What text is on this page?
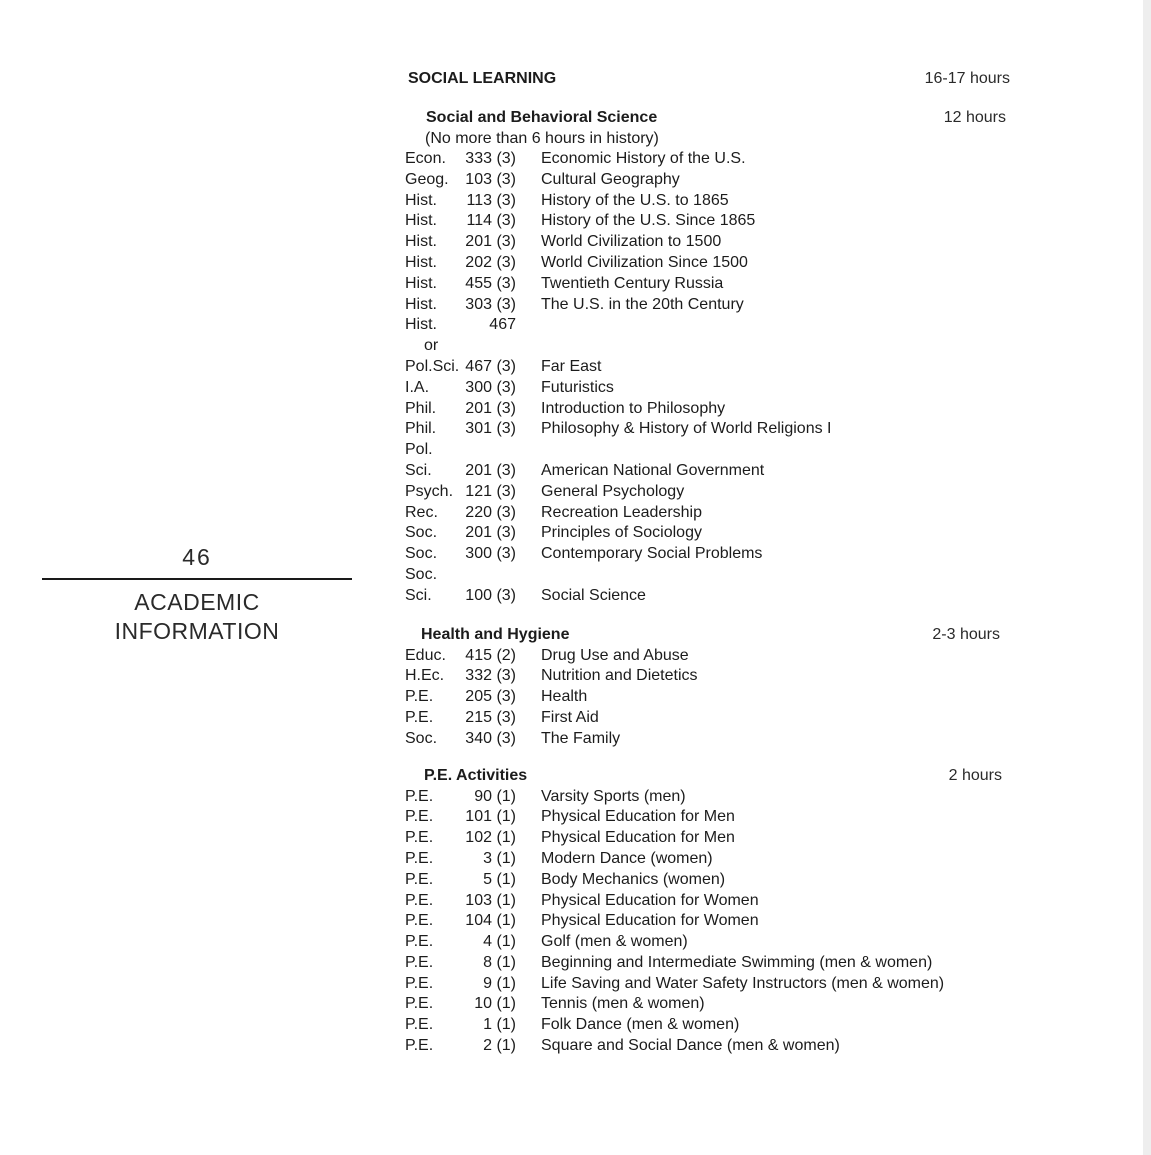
46
ACADEMIC
INFORMATION
SOCIAL LEARNING	16-17 hours
Social and Behavioral Science	12 hours
(No more than 6 hours in history)
Econ.	333 (3) Economic History of the U.S.
Geog.	103 (3) Cultural Geography
Hist.	113 (3) History of the U.S. to 1865
Hist.	114 (3) History of the U.S. Since 1865
Hist.	201 (3) World Civilization to 1500
Hist.	202 (3) World Civilization Since 1500
Hist.	455 (3) Twentieth Century Russia
Hist.	303 (3) The U.S. in the 20th Century
Hist.	467
or
Pol.Sci. 467 (3) Far East
I.A.	300 (3) Futuristics
Phil.	201 (3) Introduction to Philosophy
Phil.	301 (3) Philosophy & History of World Religions I
Pol.
Sci.	201 (3) American National Government
Psych. 121 (3) General Psychology
Rec.	220 (3) Recreation Leadership
Soc.	201 (3) Principles of Sociology
Soc.	300 (3) Contemporary Social Problems
Soc.
Sci.	100 (3) Social Science
Health and Hygiene	2-3 hours
Educ.	415 (2) Drug Use and Abuse
H.Ec.	332 (3) Nutrition and Dietetics
P.E.	205 (3) Health
P.E.	215 (3) First Aid
Soc.	340 (3) The Family
P.E. Activities	2 hours
P.E.	90 (1) Varsity Sports (men)
P.E.	101 (1) Physical Education for Men
P.E.	102 (1) Physical Education for Men
P.E.	3 (1) Modern Dance (women)
P.E.	5 (1) Body Mechanics (women)
P.E.	103 (1) Physical Education for Women
P.E.	104 (1) Physical Education for Women
P.E.	4 (1) Golf (men & women)
P.E.	8 (1) Beginning and Intermediate Swimming (men & women)
P.E.	9 (1) Life Saving and Water Safety Instructors (men & women)
P.E.	10 (1) Tennis (men & women)
P.E.	1 (1) Folk Dance (men & women)
P.E.	2 (1) Square and Social Dance (men & women)
